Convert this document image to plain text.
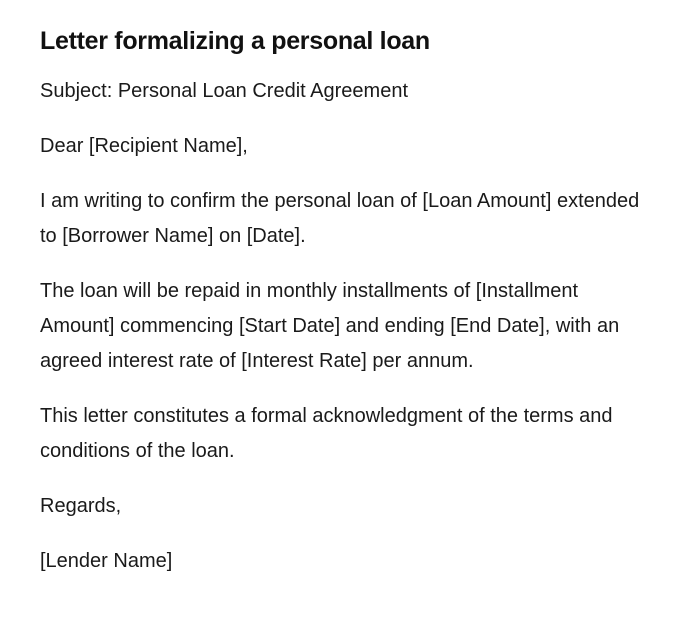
Letter formalizing a personal loan

Subject: Personal Loan Credit Agreement

Dear [Recipient Name],

I am writing to confirm the personal loan of [Loan Amount] extended to [Borrower Name] on [Date].

The loan will be repaid in monthly installments of [Installment Amount] commencing [Start Date] and ending [End Date], with an agreed interest rate of [Interest Rate] per annum.

This letter constitutes a formal acknowledgment of the terms and conditions of the loan.

Regards,

[Lender Name]
